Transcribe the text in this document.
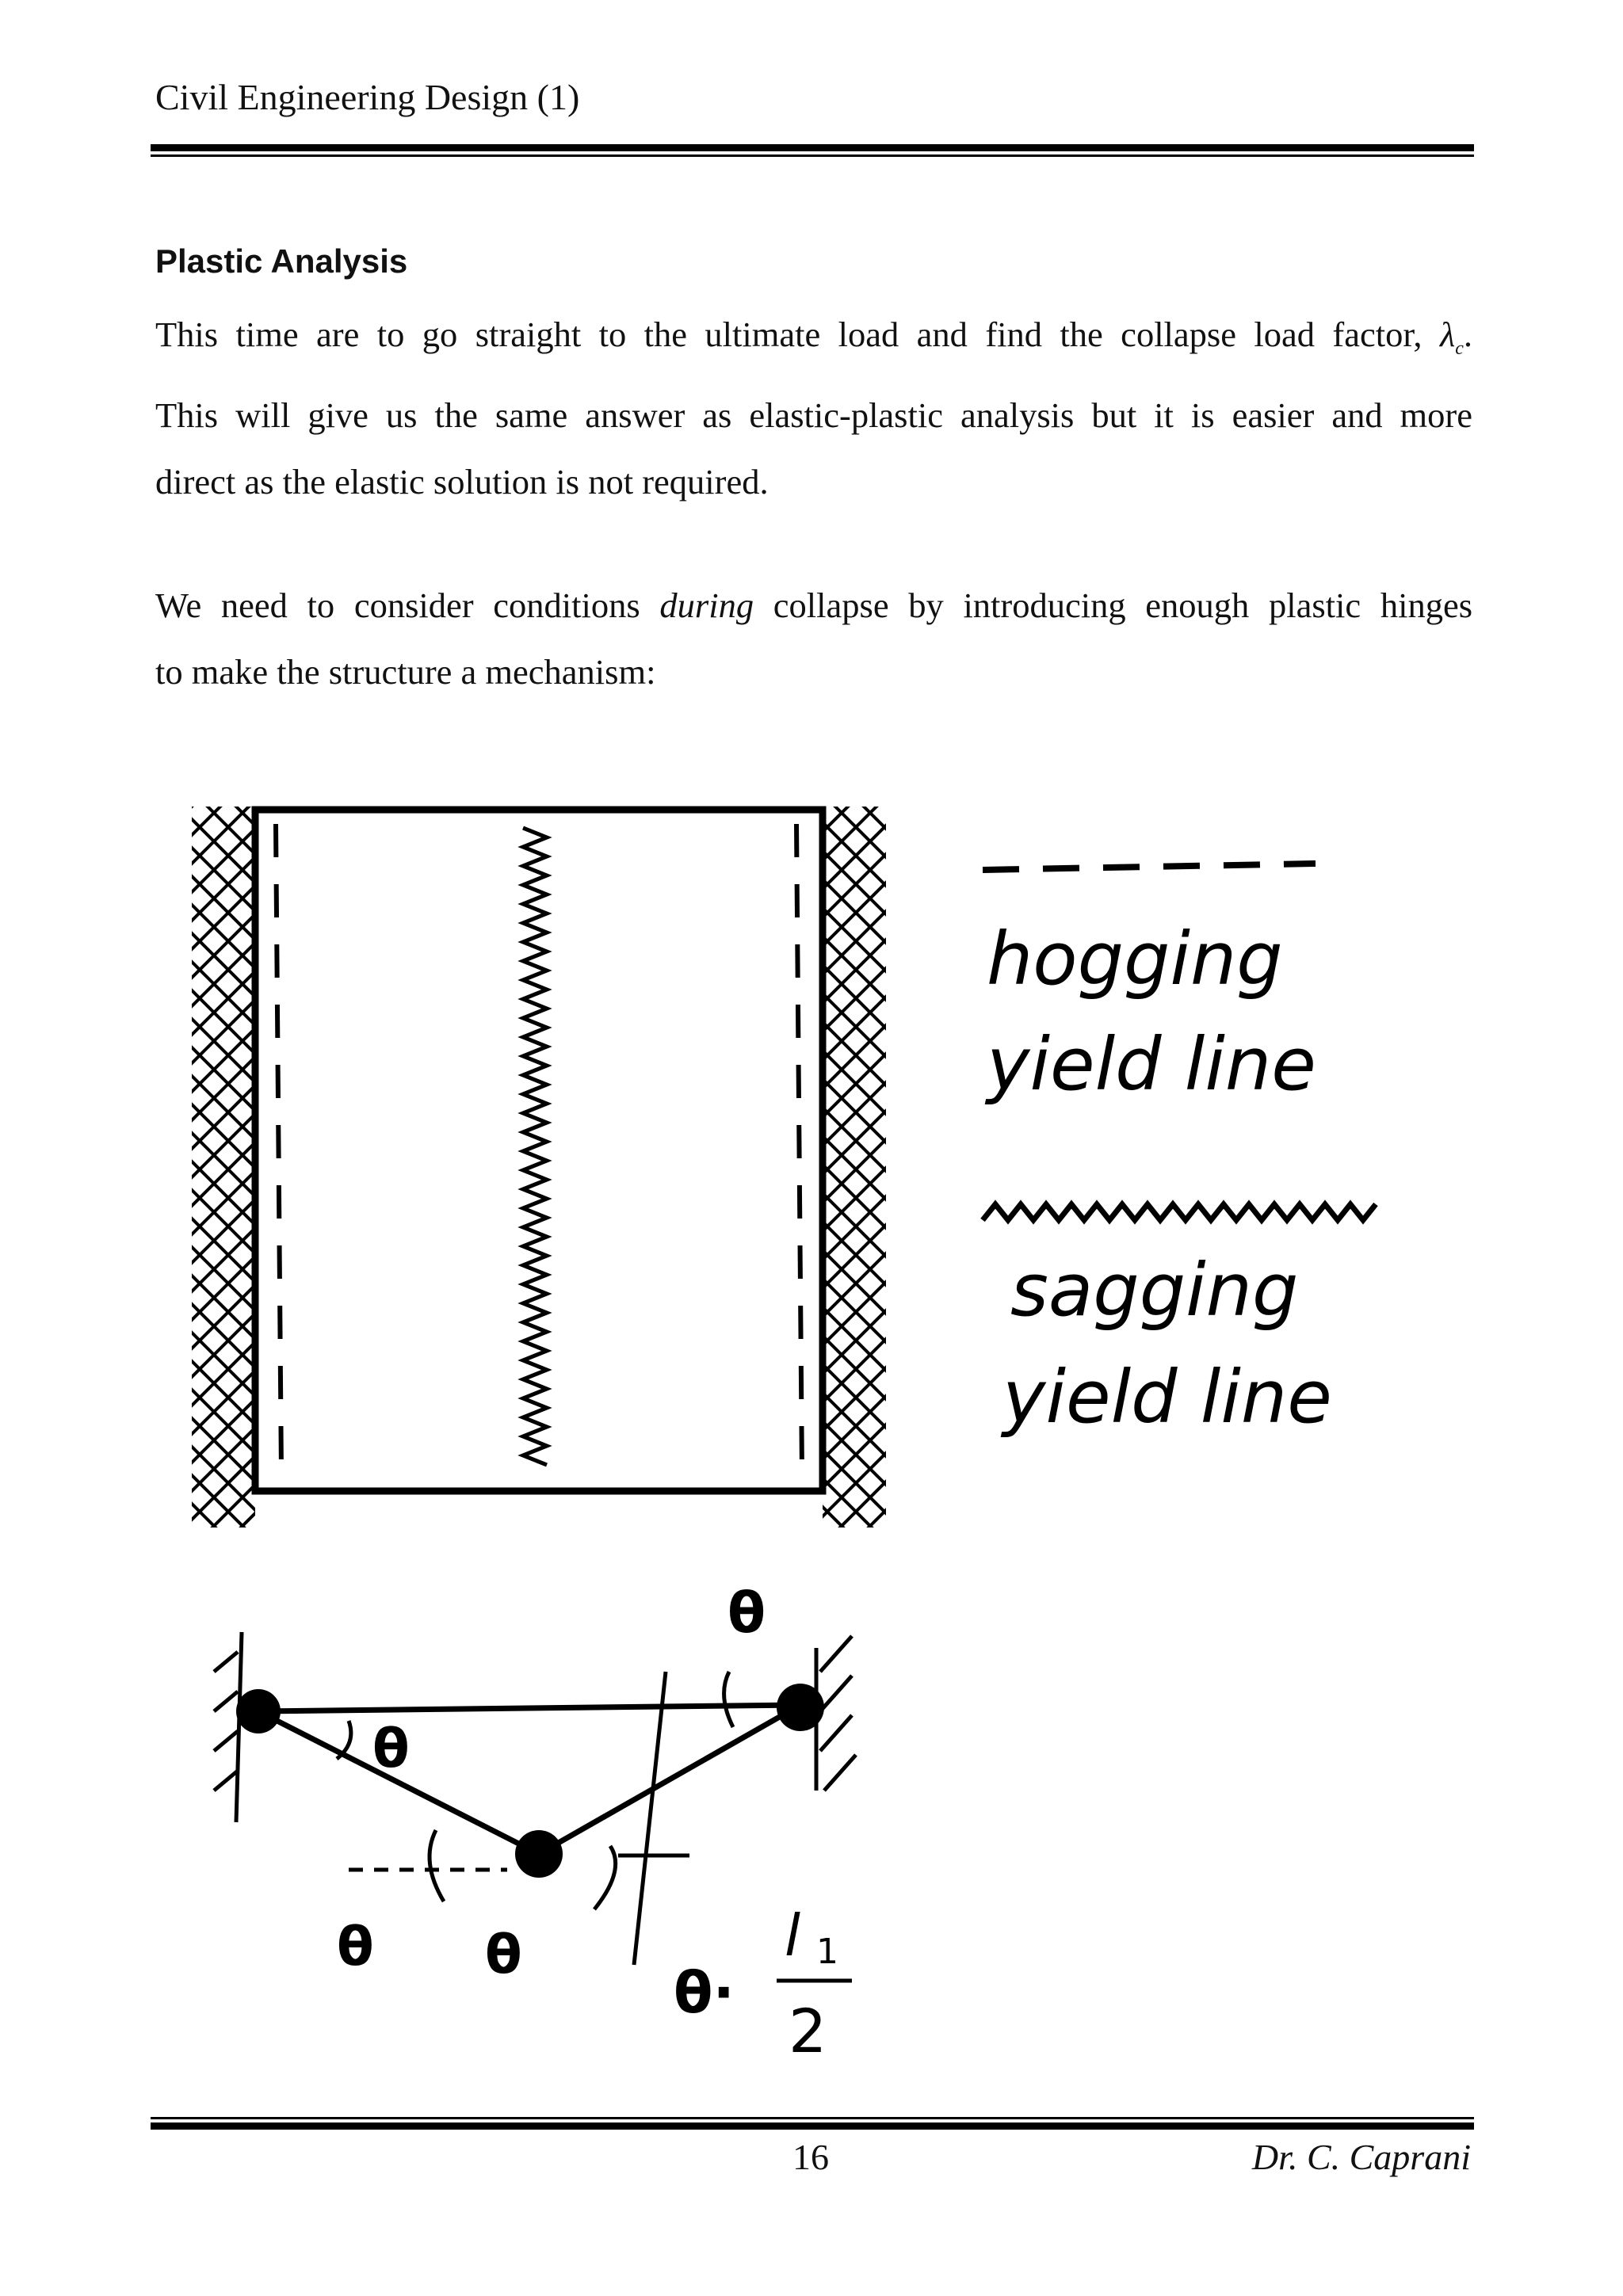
Civil Engineering Design (1)
Plastic Analysis
This time are to go straight to the ultimate load and find the collapse load factor, $\lambda_c$.
This will give us the same answer as elastic-plastic analysis but it is easier and more
direct as the elastic solution is not required.
We need to consider conditions during collapse by introducing enough plastic hinges
to make the structure a mechanism:
hogging
yield line
sagging
yield line
θ
θ
θ θ
θ·
l 1
2
16	Dr. C. Caprani
